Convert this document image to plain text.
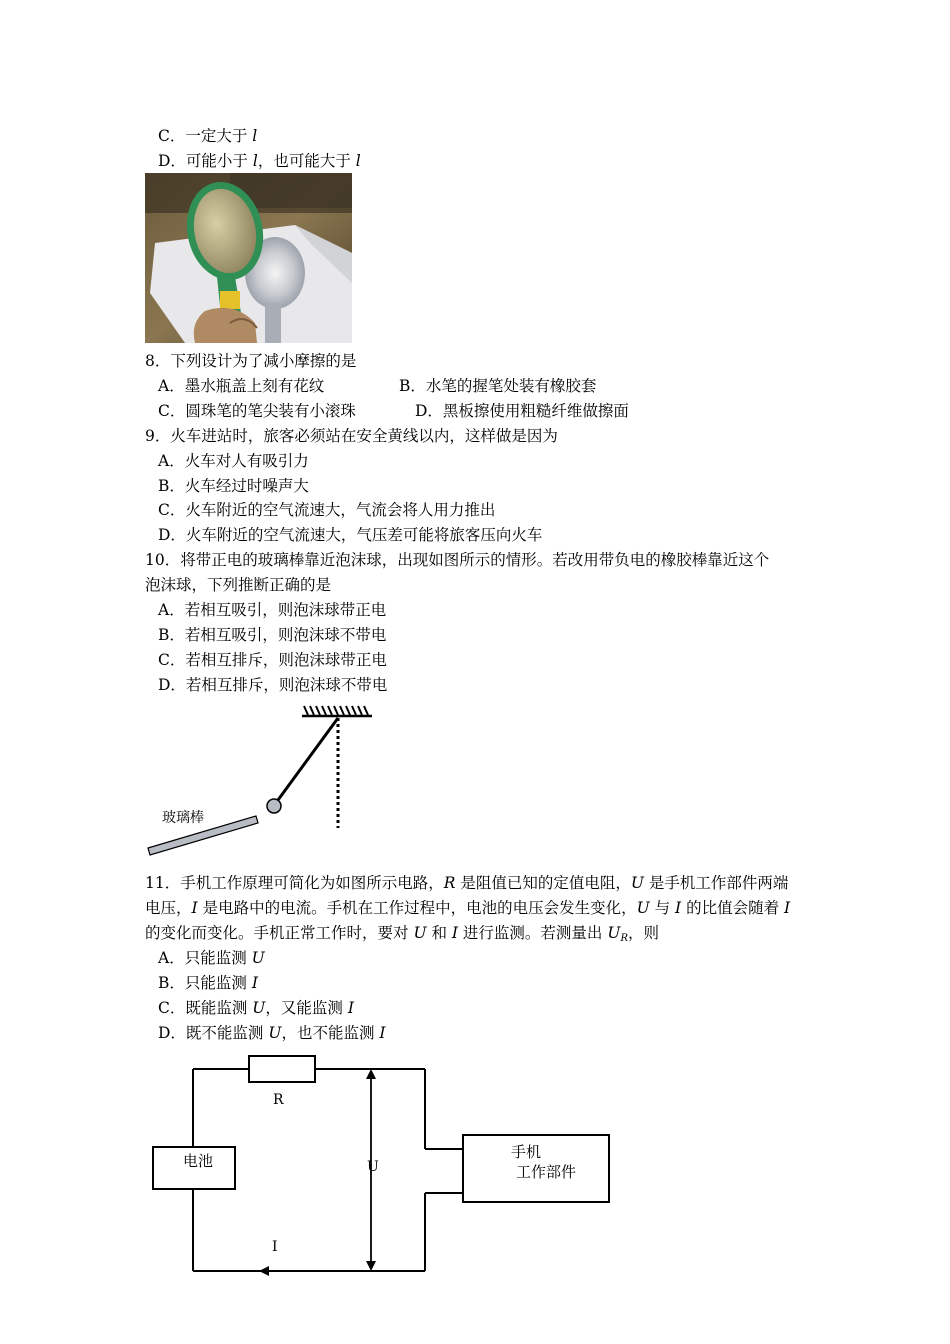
C．一定大于 l
D．可能小于 l，也可能大于 l
8．下列设计为了减小摩擦的是
A．墨水瓶盖上刻有花纹	B．水笔的握笔处装有橡胶套
C．圆珠笔的笔尖装有小滚珠	D．黑板擦使用粗糙纤维做擦面
9．火车进站时，旅客必须站在安全黄线以内，这样做是因为
A．火车对人有吸引力
B．火车经过时噪声大
C．火车附近的空气流速大，气流会将人用力推出
D．火车附近的空气流速大，气压差可能将旅客压向火车
10．将带正电的玻璃棒靠近泡沫球，出现如图所示的情形。若改用带负电的橡胶棒靠近这个
泡沫球，下列推断正确的是
A．若相互吸引，则泡沫球带正电
B．若相互吸引，则泡沫球不带电
C．若相互排斥，则泡沫球带正电
D．若相互排斥，则泡沫球不带电
玻璃棒
11．手机工作原理可简化为如图所示电路，R 是阻值已知的定值电阻，U 是手机工作部件两端
电压，I 是电路中的电流。手机在工作过程中，电池的电压会发生变化，U 与 I 的比值会随着 I
的变化而变化。手机正常工作时，要对 U 和 I 进行监测。若测量出 $U_R$，则
A．只能监测 U
B．只能监测 I
C．既能监测 U，又能监测 I
D．既不能监测 U，也不能监测 I
R
电池	手机
工作部件
U
I
